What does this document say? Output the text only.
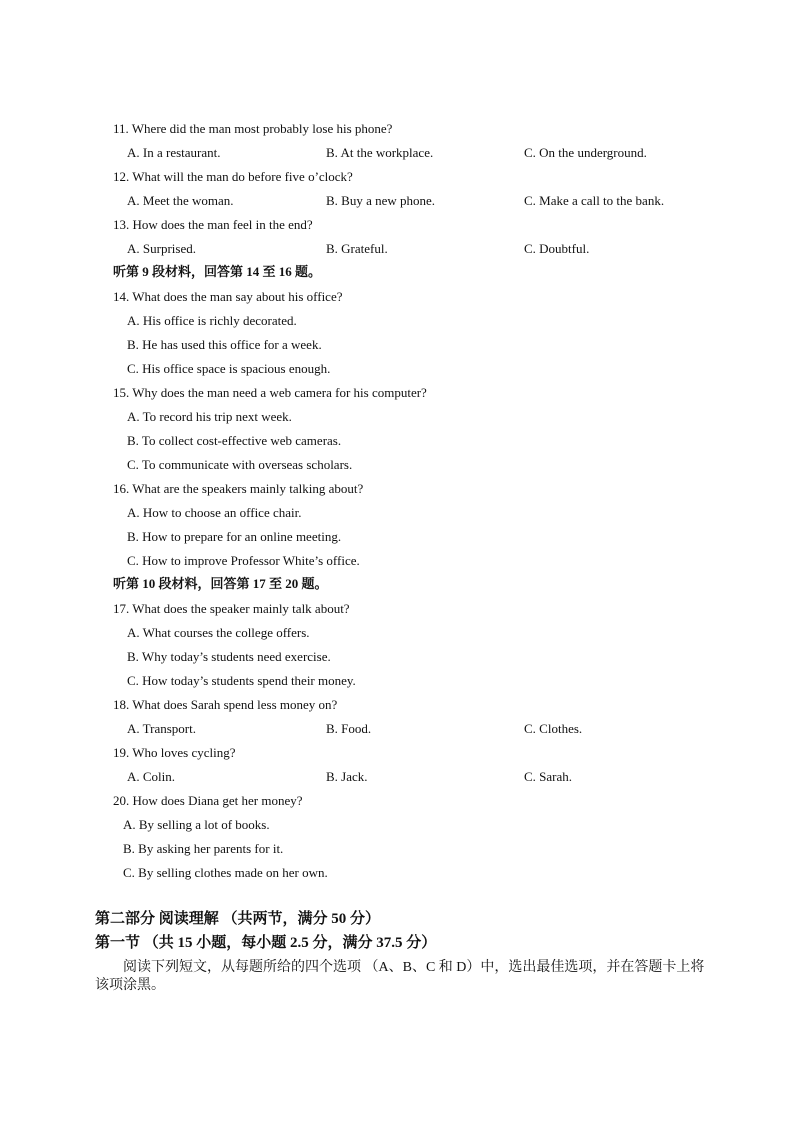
11. Where did the man most probably lose his phone?
A. In a restaurant.	B. At the workplace.	C. On the underground.
12. What will the man do before five o’clock?
A. Meet the woman.	B. Buy a new phone.	C. Make a call to the bank.
13. How does the man feel in the end?
A. Surprised.	B. Grateful.	C. Doubtful.
听第 9 段材料，回答第 14 至 16 题。
14. What does the man say about his office?
A. His office is richly decorated.
B. He has used this office for a week.
C. His office space is spacious enough.
15. Why does the man need a web camera for his computer?
A. To record his trip next week.
B. To collect cost-effective web cameras.
C. To communicate with overseas scholars.
16. What are the speakers mainly talking about?
A. How to choose an office chair.
B. How to prepare for an online meeting.
C. How to improve Professor White’s office.
听第 10 段材料，回答第 17 至 20 题。
17. What does the speaker mainly talk about?
A. What courses the college offers.
B. Why today’s students need exercise.
C. How today’s students spend their money.
18. What does Sarah spend less money on?
A. Transport.	B. Food.	C. Clothes.
19. Who loves cycling?
A. Colin.	B. Jack.	C. Sarah.
20. How does Diana get her money?
A. By selling a lot of books.
B. By asking her parents for it.
C. By selling clothes made on her own.
第二部分 阅读理解 （共两节，满分 50 分）
第一节 （共 15 小题，每小题 2.5 分，满分 37.5 分）
阅读下列短文，从每题所给的四个选项 （A、B、C 和 D）中，选出最佳选项，并在答题卡上将该项涂黑。
